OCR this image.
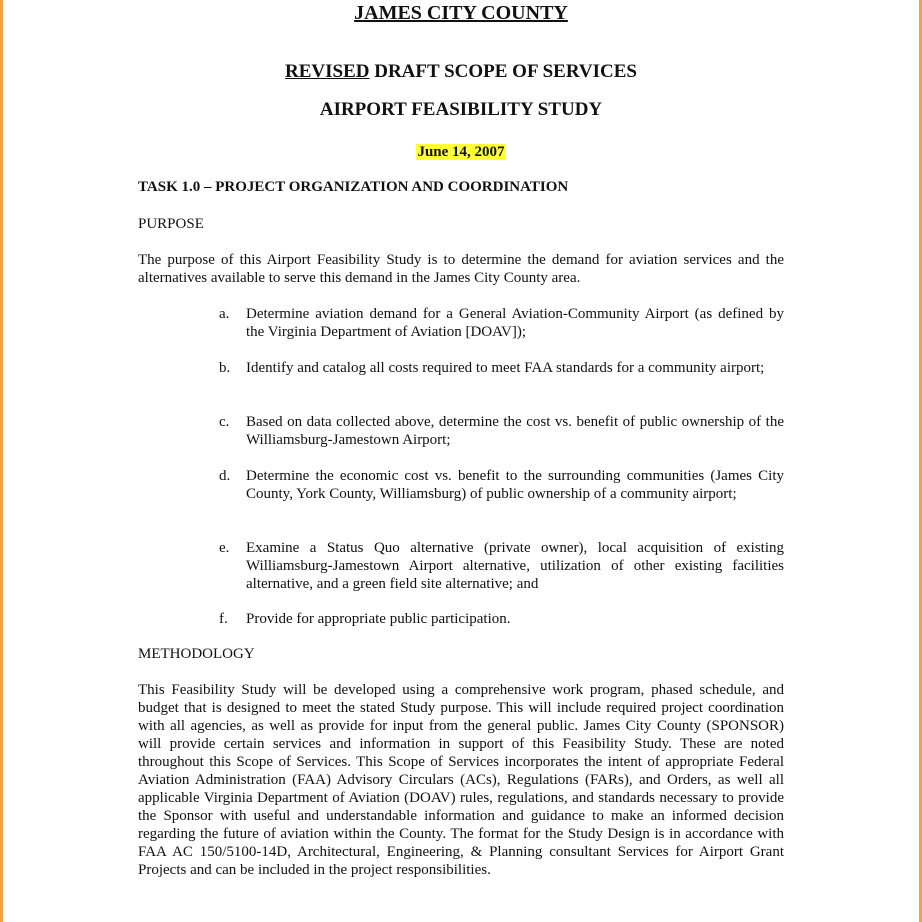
JAMES CITY COUNTY
REVISED DRAFT SCOPE OF SERVICES
AIRPORT FEASIBILITY STUDY
June 14, 2007
TASK 1.0 – PROJECT ORGANIZATION AND COORDINATION
PURPOSE
The purpose of this Airport Feasibility Study is to determine the demand for aviation services and the alternatives available to serve this demand in the James City County area.
a.	Determine aviation demand for a General Aviation-Community Airport (as defined by the Virginia Department of Aviation [DOAV]);
b.	Identify and catalog all costs required to meet FAA standards for a community airport;
c.	Based on data collected above, determine the cost vs. benefit of public ownership of the Williamsburg-Jamestown Airport;
d.	Determine the economic cost vs. benefit to the surrounding communities (James City County, York County, Williamsburg) of public ownership of a community airport;
e.	Examine a Status Quo alternative (private owner), local acquisition of existing Williamsburg-Jamestown Airport alternative, utilization of other existing facilities alternative, and a green field site alternative; and
f.	Provide for appropriate public participation.
METHODOLOGY
This Feasibility Study will be developed using a comprehensive work program, phased schedule, and budget that is designed to meet the stated Study purpose. This will include required project coordination with all agencies, as well as provide for input from the general public. James City County (SPONSOR) will provide certain services and information in support of this Feasibility Study. These are noted throughout this Scope of Services. This Scope of Services incorporates the intent of appropriate Federal Aviation Administration (FAA) Advisory Circulars (ACs), Regulations (FARs), and Orders, as well all applicable Virginia Department of Aviation (DOAV) rules, regulations, and standards necessary to provide the Sponsor with useful and understandable information and guidance to make an informed decision regarding the future of aviation within the County. The format for the Study Design is in accordance with FAA AC 150/5100-14D, Architectural, Engineering, & Planning consultant Services for Airport Grant Projects and can be included in the project responsibilities.
